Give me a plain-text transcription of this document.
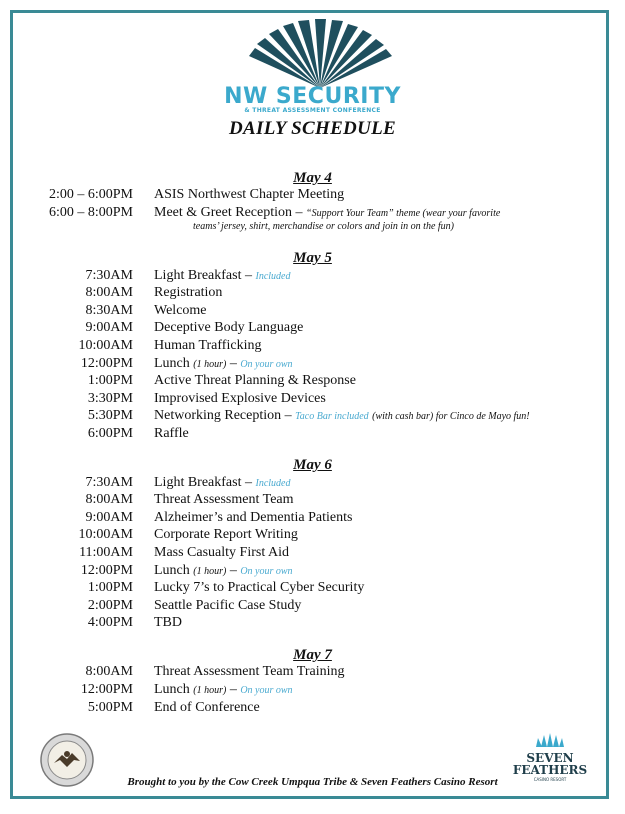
NW SECURITY
& THREAT ASSESSMENT CONFERENCE
DAILY SCHEDULE
May 4
2:00 – 6:00PM ASIS Northwest Chapter Meeting
6:00 – 8:00PM Meet & Greet Reception – “Support Your Team” theme (wear your favorite
teams’ jersey, shirt, merchandise or colors and join in on the fun)
May 5
7:30AM Light Breakfast – Included
8:00AM Registration
8:30AM Welcome
9:00AM Deceptive Body Language
10:00AM Human Trafficking
12:00PM Lunch (1 hour) – On your own
1:00PM Active Threat Planning & Response
3:30PM Improvised Explosive Devices
5:30PM Networking Reception – Taco Bar included (with cash bar) for Cinco de Mayo fun!
6:00PM Raffle
May 6
7:30AM Light Breakfast – Included
8:00AM Threat Assessment Team
9:00AM Alzheimer’s and Dementia Patients
10:00AM Corporate Report Writing
11:00AM Mass Casualty First Aid
12:00PM Lunch (1 hour) – On your own
1:00PM Lucky 7’s to Practical Cyber Security
2:00PM Seattle Pacific Case Study
4:00PM TBD
May 7
8:00AM Threat Assessment Team Training
12:00PM Lunch (1 hour) – On your own
5:00PM End of Conference
SEVEN
FEATHERS
CASINO RESORT
Brought to you by the Cow Creek Umpqua Tribe & Seven Feathers Casino Resort
